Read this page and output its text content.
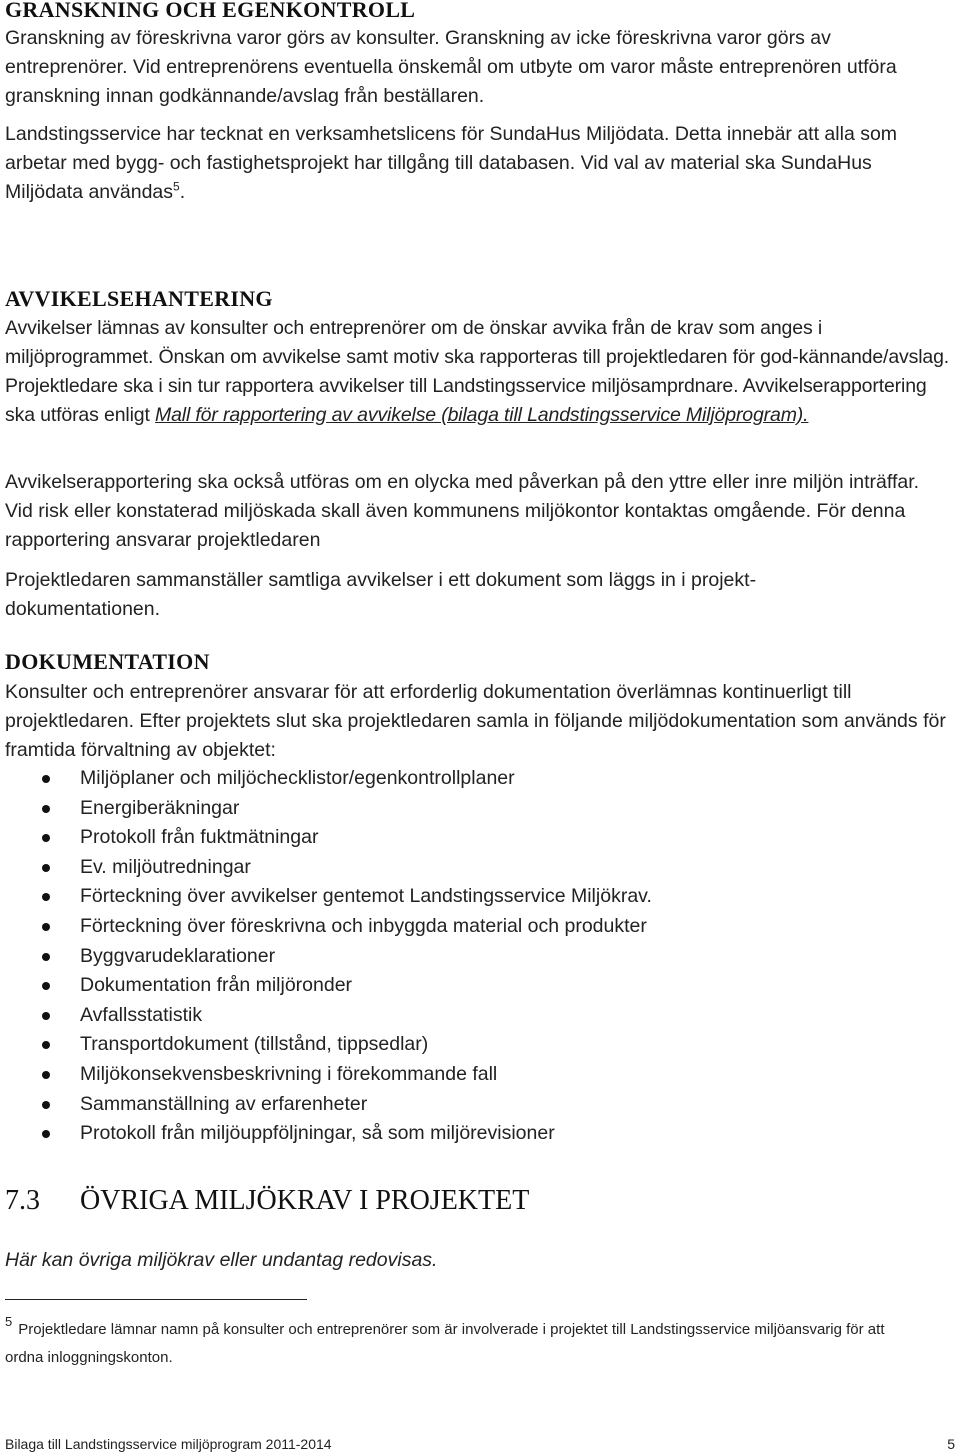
GRANSKNING OCH EGENKONTROLL
Granskning av föreskrivna varor görs av konsulter. Granskning av icke föreskrivna varor görs av entreprenörer. Vid entreprenörens eventuella önskemål om utbyte om varor måste entreprenören utföra granskning innan godkännande/avslag från beställaren.
Landstingsservice har tecknat en verksamhetslicens för SundaHus Miljödata. Detta innebär att alla som arbetar med bygg- och fastighetsprojekt har tillgång till databasen. Vid val av material ska SundaHus Miljödata användas$^5$.
AVVIKELSEHANTERING
Avvikelser lämnas av konsulter och entreprenörer om de önskar avvika från de krav som anges i miljöprogrammet. Önskan om avvikelse samt motiv ska rapporteras till projektledaren för god-kännande/avslag. Projektledare ska i sin tur rapportera avvikelser till Landstingsservice miljösamprdnare. Avvikelserapportering ska utföras enligt Mall för rapportering av avvikelse (bilaga till Landstingsservice Miljöprogram).
Avvikelserapportering ska också utföras om en olycka med påverkan på den yttre eller inre miljön inträffar. Vid risk eller konstaterad miljöskada skall även kommunens miljökontor kontaktas omgående. För denna rapportering ansvarar projektledaren
Projektledaren sammanställer samtliga avvikelser i ett dokument som läggs in i projekt-dokumentationen.
DOKUMENTATION
Konsulter och entreprenörer ansvarar för att erforderlig dokumentation överlämnas kontinuerligt till projektledaren. Efter projektets slut ska projektledaren samla in följande miljödokumentation som används för framtida förvaltning av objektet:
Miljöplaner och miljöchecklistor/egenkontrollplaner
Energiberäkningar
Protokoll från fuktmätningar
Ev. miljöutredningar
Förteckning över avvikelser gentemot Landstingsservice Miljökrav.
Förteckning över föreskrivna och inbyggda material och produkter
Byggvarudeklarationer
Dokumentation från miljöronder
Avfallsstatistik
Transportdokument (tillstånd, tippsedlar)
Miljökonsekvensbeskrivning i förekommande fall
Sammanställning av erfarenheter
Protokoll från miljöuppföljningar, så som miljörevisioner
7.3 ÖVRIGA MILJÖKRAV I PROJEKTET
Här kan övriga miljökrav eller undantag redovisas.
5 Projektledare lämnar namn på konsulter och entreprenörer som är involverade i projektet till Landstingsservice miljöansvarig för att ordna inloggningskonton.
Bilaga till Landstingsservice miljöprogram 2011-2014	5
